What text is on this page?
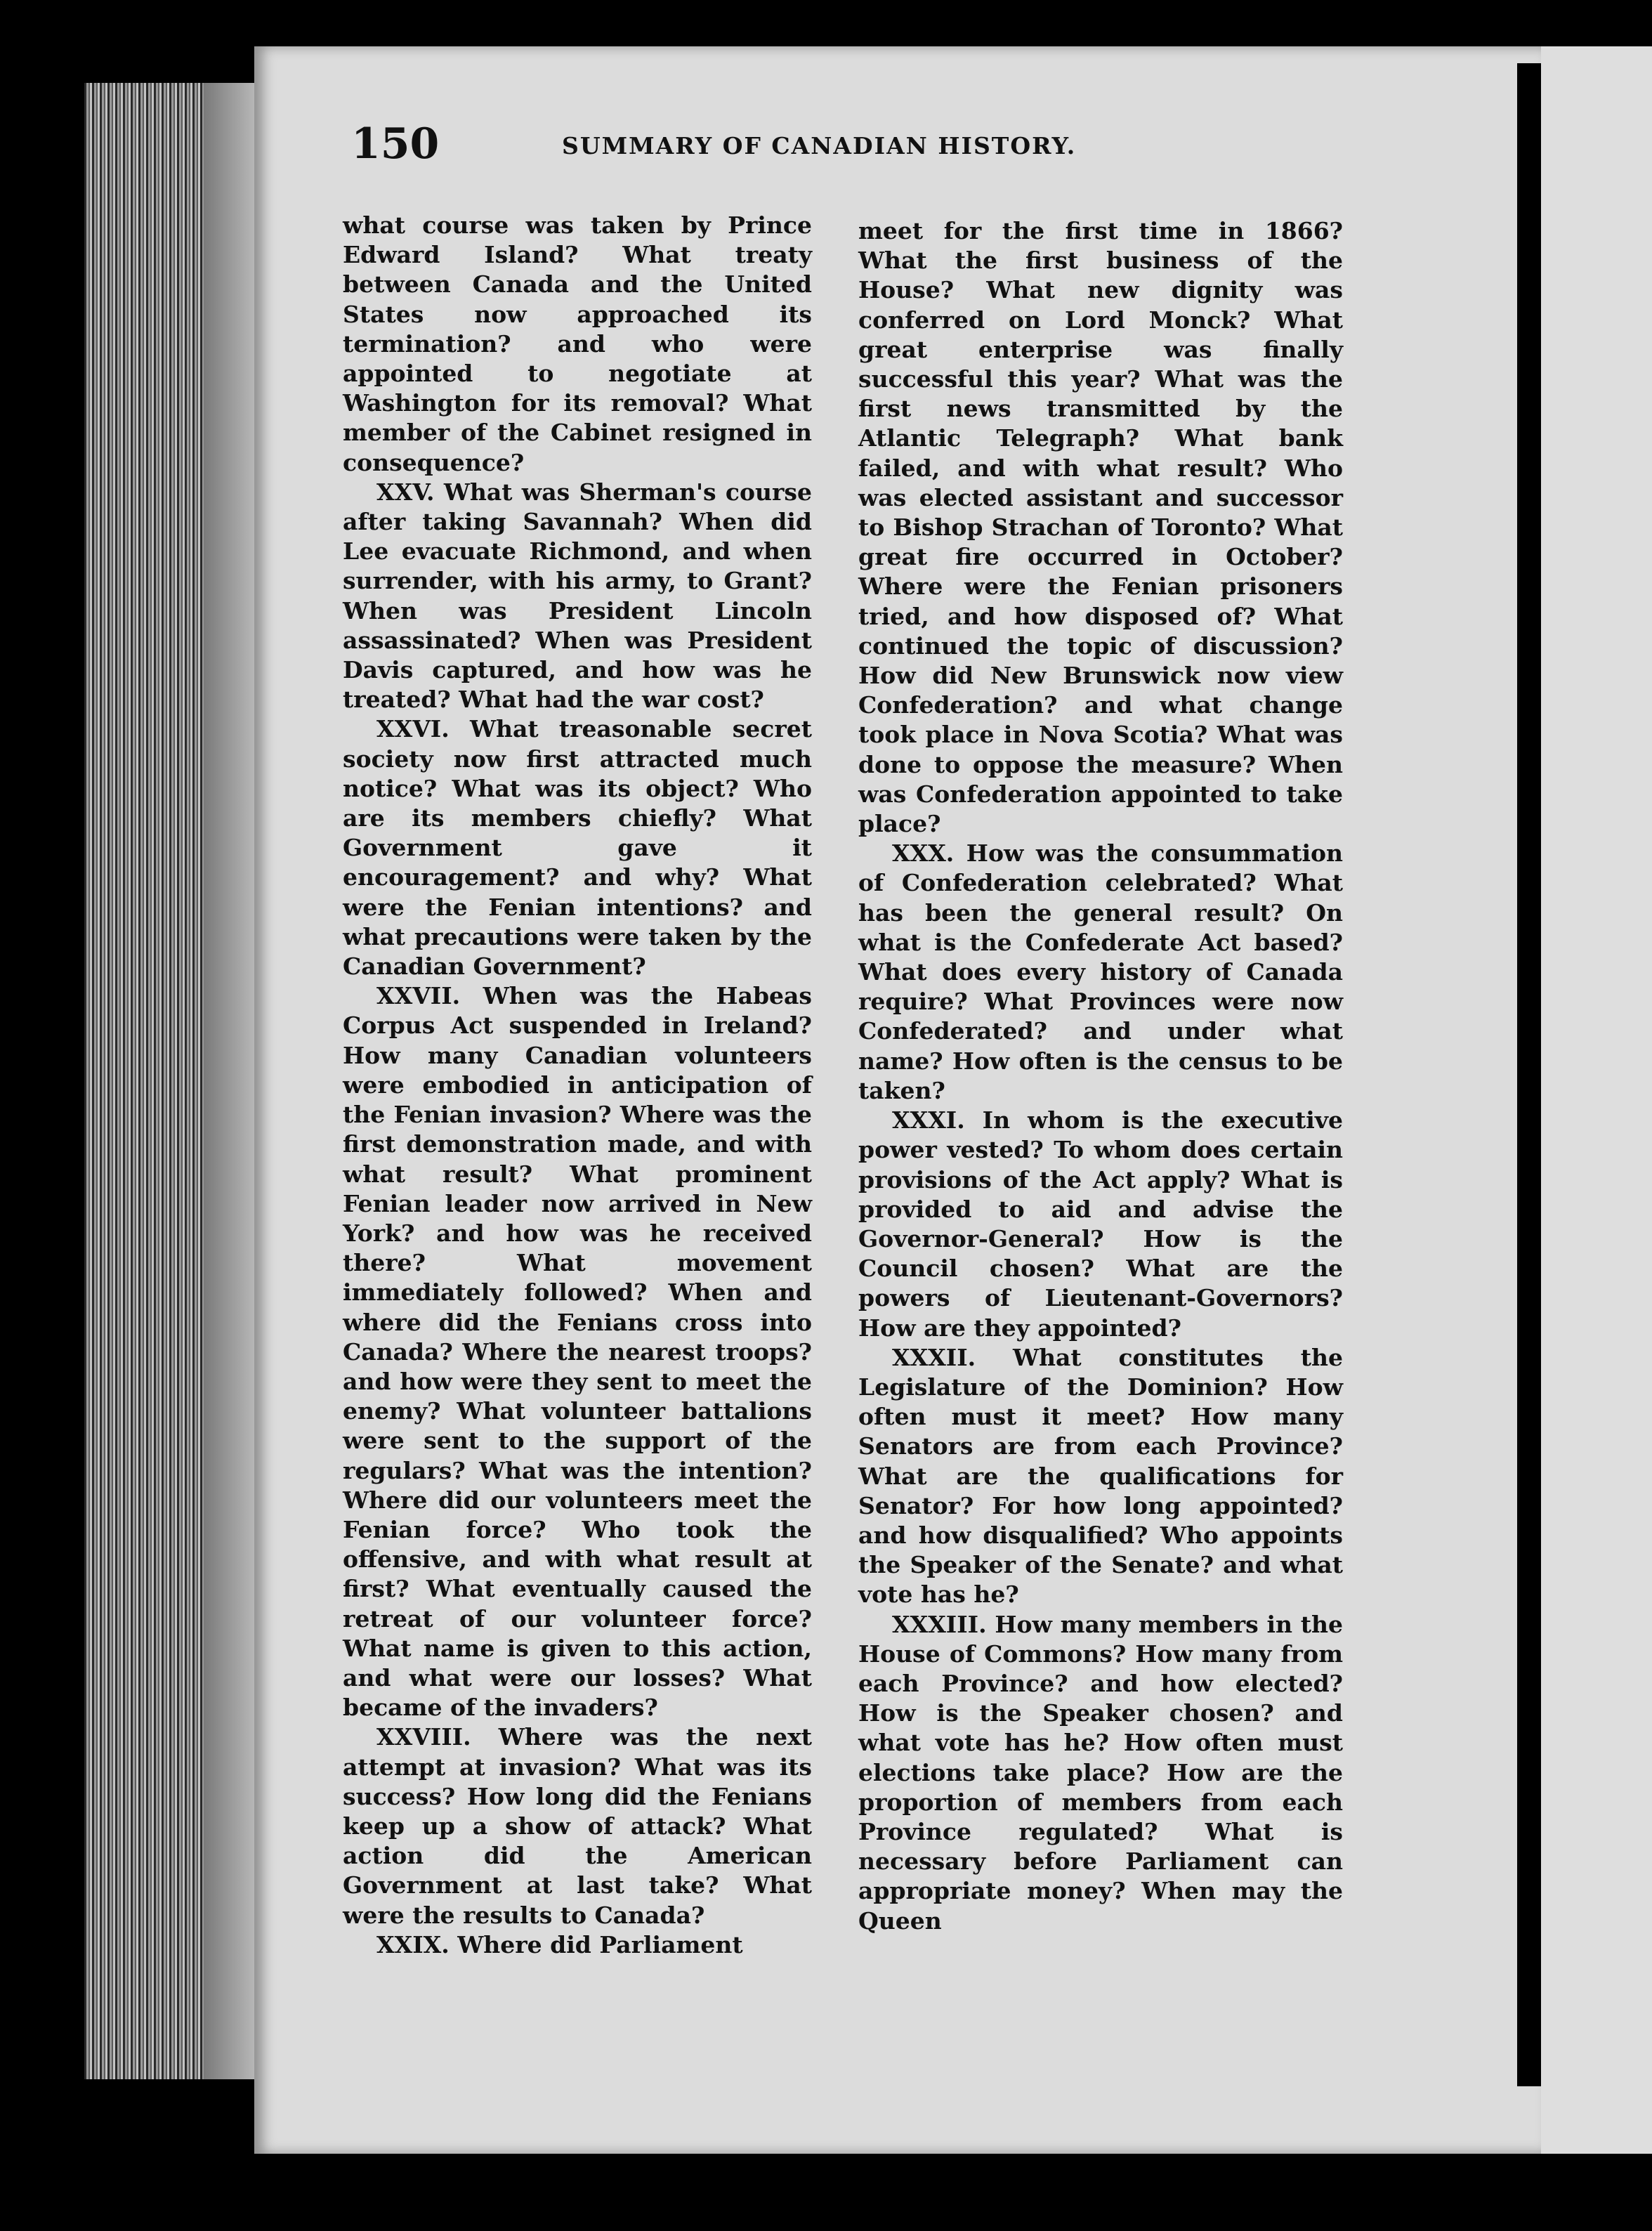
150	SUMMARY OF CANADIAN HISTORY.

what course was taken by Prince Edward Island? What treaty between Canada and the United States now approached its termination? and who were appointed to negotiate at Washington for its removal? What member of the Cabinet resigned in consequence?

XXV. What was Sherman's course after taking Savannah? When did Lee evacuate Richmond, and when surrender, with his army, to Grant? When was President Lincoln assassinated? When was President Davis captured, and how was he treated? What had the war cost?

XXVI. What treasonable secret society now first attracted much notice? What was its object? Who are its members chiefly? What Government gave it encouragement? and why? What were the Fenian intentions? and what precautions were taken by the Canadian Government?

XXVII. When was the Habeas Corpus Act suspended in Ireland? How many Canadian volunteers were embodied in anticipation of the Fenian invasion? Where was the first demonstration made, and with what result? What prominent Fenian leader now arrived in New York? and how was he received there? What movement immediately followed? When and where did the Fenians cross into Canada? Where the nearest troops? and how were they sent to meet the enemy? What volunteer battalions were sent to the support of the regulars? What was the intention? Where did our volunteers meet the Fenian force? Who took the offensive, and with what result at first? What eventually caused the retreat of our volunteer force? What name is given to this action, and what were our losses? What became of the invaders?

XXVIII. Where was the next attempt at invasion? What was its success? How long did the Fenians keep up a show of attack? What action did the American Government at last take? What were the results to Canada?

XXIX. Where did Parliament

meet for the first time in 1866? What the first business of the House? What new dignity was conferred on Lord Monck? What great enterprise was finally successful this year? What was the first news transmitted by the Atlantic Telegraph? What bank failed, and with what result? Who was elected assistant and successor to Bishop Strachan of Toronto? What great fire occurred in October? Where were the Fenian prisoners tried, and how disposed of? What continued the topic of discussion? How did New Brunswick now view Confederation? and what change took place in Nova Scotia? What was done to oppose the measure? When was Confederation appointed to take place?

XXX. How was the consummation of Confederation celebrated? What has been the general result? On what is the Confederate Act based? What does every history of Canada require? What Provinces were now Confederated? and under what name? How often is the census to be taken?

XXXI. In whom is the executive power vested? To whom does certain provisions of the Act apply? What is provided to aid and advise the Governor-General? How is the Council chosen? What are the powers of Lieutenant-Governors? How are they appointed?

XXXII. What constitutes the Legislature of the Dominion? How often must it meet? How many Senators are from each Province? What are the qualifications for Senator? For how long appointed? and how disqualified? Who appoints the Speaker of the Senate? and what vote has he?

XXXIII. How many members in the House of Commons? How many from each Province? and how elected? How is the Speaker chosen? and what vote has he? How often must elections take place? How are the proportion of members from each Province regulated? What is necessary before Parliament can appropriate money? When may the Queen
